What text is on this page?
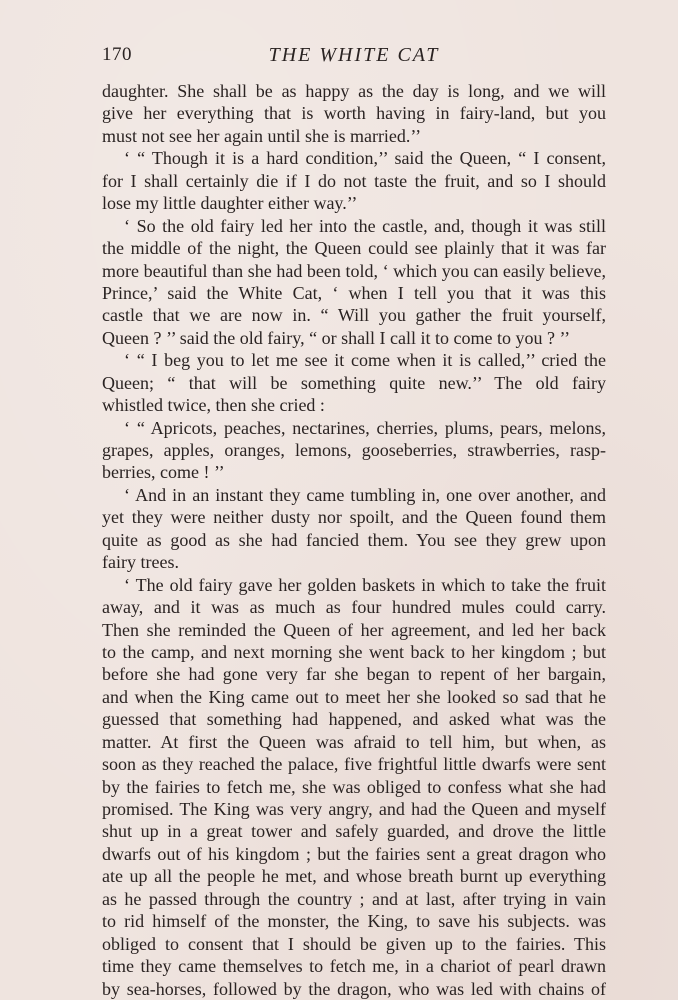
170	THE WHITE CAT
daughter. She shall be as happy as the day is long, and we will
give her everything that is worth having in fairy-land, but you
must not see her again until she is married.’’
‘ “ Though it is a hard condition,’’ said the Queen, “ I consent,
for I shall certainly die if I do not taste the fruit, and so I should
lose my little daughter either way.’’
‘ So the old fairy led her into the castle, and, though it was still
the middle of the night, the Queen could see plainly that it was far
more beautiful than she had been told, ‘ which you can easily believe,
Prince,’ said the White Cat, ‘ when I tell you that it was this
castle that we are now in. “ Will you gather the fruit yourself,
Queen ? ’’ said the old fairy, “ or shall I call it to come to you ? ’’
‘ “ I beg you to let me see it come when it is called,’’ cried the
Queen; “ that will be something quite new.’’ The old fairy
whistled twice, then she cried :
‘ “ Apricots, peaches, nectarines, cherries, plums, pears, melons,
grapes, apples, oranges, lemons, gooseberries, strawberries, rasp-
berries, come ! ’’
‘ And in an instant they came tumbling in, one over another, and
yet they were neither dusty nor spoilt, and the Queen found them
quite as good as she had fancied them. You see they grew upon
fairy trees.
‘ The old fairy gave her golden baskets in which to take the fruit
away, and it was as much as four hundred mules could carry.
Then she reminded the Queen of her agreement, and led her back
to the camp, and next morning she went back to her kingdom ; but
before she had gone very far she began to repent of her bargain,
and when the King came out to meet her she looked so sad that he
guessed that something had happened, and asked what was the
matter. At first the Queen was afraid to tell him, but when, as
soon as they reached the palace, five frightful little dwarfs were sent
by the fairies to fetch me, she was obliged to confess what she had
promised. The King was very angry, and had the Queen and myself
shut up in a great tower and safely guarded, and drove the little
dwarfs out of his kingdom ; but the fairies sent a great dragon who
ate up all the people he met, and whose breath burnt up everything
as he passed through the country ; and at last, after trying in vain
to rid himself of the monster, the King, to save his subjects. was
obliged to consent that I should be given up to the fairies. This
time they came themselves to fetch me, in a chariot of pearl drawn
by sea-horses, followed by the dragon, who was led with chains of
